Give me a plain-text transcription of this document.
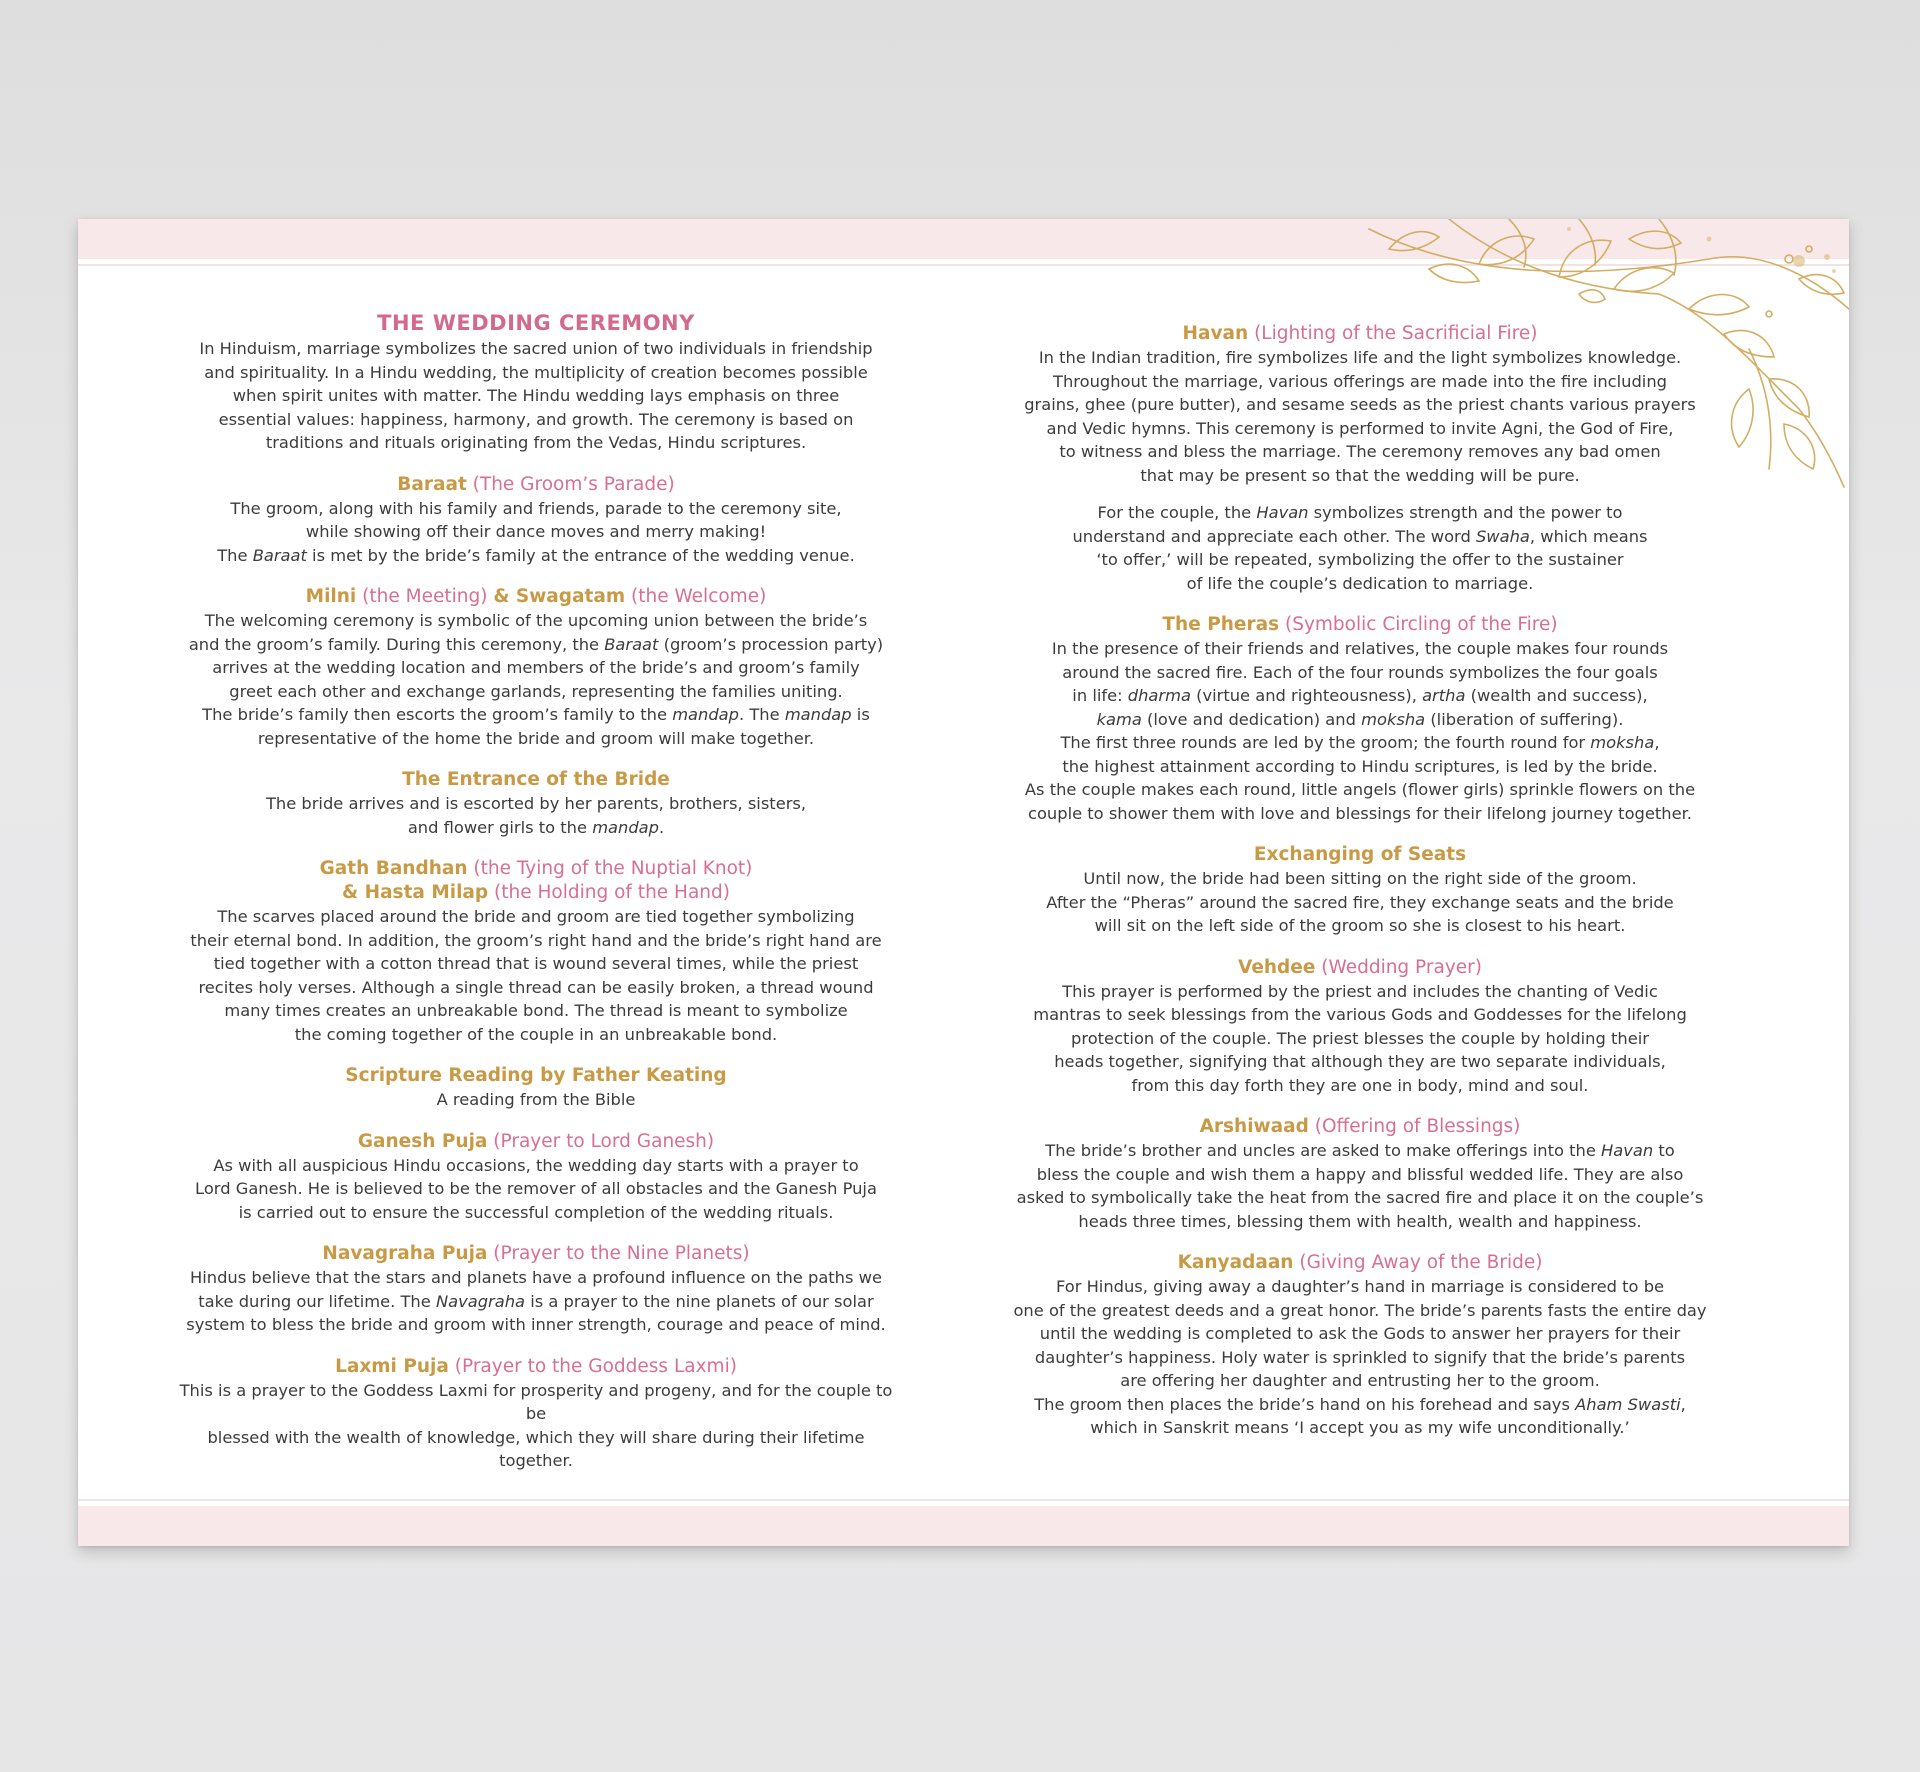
THE WEDDING CEREMONY

In Hinduism, marriage symbolizes the sacred union of two individuals in friendship

and spirituality. In a Hindu wedding, the multiplicity of creation becomes possible

when spirit unites with matter. The Hindu wedding lays emphasis on three

essential values: happiness, harmony, and growth. The ceremony is based on

traditions and rituals originating from the Vedas, Hindu scriptures.

Baraat (The Groom’s Parade)

The groom, along with his family and friends, parade to the ceremony site,

while showing off their dance moves and merry making!

The Baraat is met by the bride’s family at the entrance of the wedding venue.

Milni (the Meeting) & Swagatam (the Welcome)

The welcoming ceremony is symbolic of the upcoming union between the bride’s

and the groom’s family. During this ceremony, the Baraat (groom’s procession party)

arrives at the wedding location and members of the bride’s and groom’s family

greet each other and exchange garlands, representing the families uniting.

The bride’s family then escorts the groom’s family to the mandap. The mandap is

representative of the home the bride and groom will make together.

The Entrance of the Bride

The bride arrives and is escorted by her parents, brothers, sisters,

and flower girls to the mandap.

Gath Bandhan (the Tying of the Nuptial Knot)
& Hasta Milap (the Holding of the Hand)

The scarves placed around the bride and groom are tied together symbolizing

their eternal bond. In addition, the groom’s right hand and the bride’s right hand are

tied together with a cotton thread that is wound several times, while the priest

recites holy verses. Although a single thread can be easily broken, a thread wound

many times creates an unbreakable bond. The thread is meant to symbolize

the coming together of the couple in an unbreakable bond.

Scripture Reading by Father Keating

A reading from the Bible

Ganesh Puja (Prayer to Lord Ganesh)

As with all auspicious Hindu occasions, the wedding day starts with a prayer to

Lord Ganesh. He is believed to be the remover of all obstacles and the Ganesh Puja

is carried out to ensure the successful completion of the wedding rituals.

Navagraha Puja (Prayer to the Nine Planets)

Hindus believe that the stars and planets have a profound influence on the paths we

take during our lifetime. The Navagraha is a prayer to the nine planets of our solar

system to bless the bride and groom with inner strength, courage and peace of mind.

Laxmi Puja (Prayer to the Goddess Laxmi)

This is a prayer to the Goddess Laxmi for prosperity and progeny, and for the couple to be

blessed with the wealth of knowledge, which they will share during their lifetime together.

Havan (Lighting of the Sacrificial Fire)

In the Indian tradition, fire symbolizes life and the light symbolizes knowledge.

Throughout the marriage, various offerings are made into the fire including

grains, ghee (pure butter), and sesame seeds as the priest chants various prayers

and Vedic hymns. This ceremony is performed to invite Agni, the God of Fire,

to witness and bless the marriage. The ceremony removes any bad omen

that may be present so that the wedding will be pure.

For the couple, the Havan symbolizes strength and the power to

understand and appreciate each other. The word Swaha, which means

‘to offer,’ will be repeated, symbolizing the offer to the sustainer

of life the couple’s dedication to marriage.

The Pheras (Symbolic Circling of the Fire)

In the presence of their friends and relatives, the couple makes four rounds

around the sacred fire. Each of the four rounds symbolizes the four goals

in life: dharma (virtue and righteousness), artha (wealth and success),

kama (love and dedication) and moksha (liberation of suffering).

The first three rounds are led by the groom; the fourth round for moksha,

the highest attainment according to Hindu scriptures, is led by the bride.

As the couple makes each round, little angels (flower girls) sprinkle flowers on the

couple to shower them with love and blessings for their lifelong journey together.

Exchanging of Seats

Until now, the bride had been sitting on the right side of the groom.

After the “Pheras” around the sacred fire, they exchange seats and the bride

will sit on the left side of the groom so she is closest to his heart.

Vehdee (Wedding Prayer)

This prayer is performed by the priest and includes the chanting of Vedic

mantras to seek blessings from the various Gods and Goddesses for the lifelong

protection of the couple. The priest blesses the couple by holding their

heads together, signifying that although they are two separate individuals,

from this day forth they are one in body, mind and soul.

Arshiwaad (Offering of Blessings)

The bride’s brother and uncles are asked to make offerings into the Havan to

bless the couple and wish them a happy and blissful wedded life. They are also

asked to symbolically take the heat from the sacred fire and place it on the couple’s

heads three times, blessing them with health, wealth and happiness.

Kanyadaan (Giving Away of the Bride)

For Hindus, giving away a daughter’s hand in marriage is considered to be

one of the greatest deeds and a great honor. The bride’s parents fasts the entire day

until the wedding is completed to ask the Gods to answer her prayers for their

daughter’s happiness. Holy water is sprinkled to signify that the bride’s parents

are offering her daughter and entrusting her to the groom.

The groom then places the bride’s hand on his forehead and says Aham Swasti,

which in Sanskrit means ‘I accept you as my wife unconditionally.’
